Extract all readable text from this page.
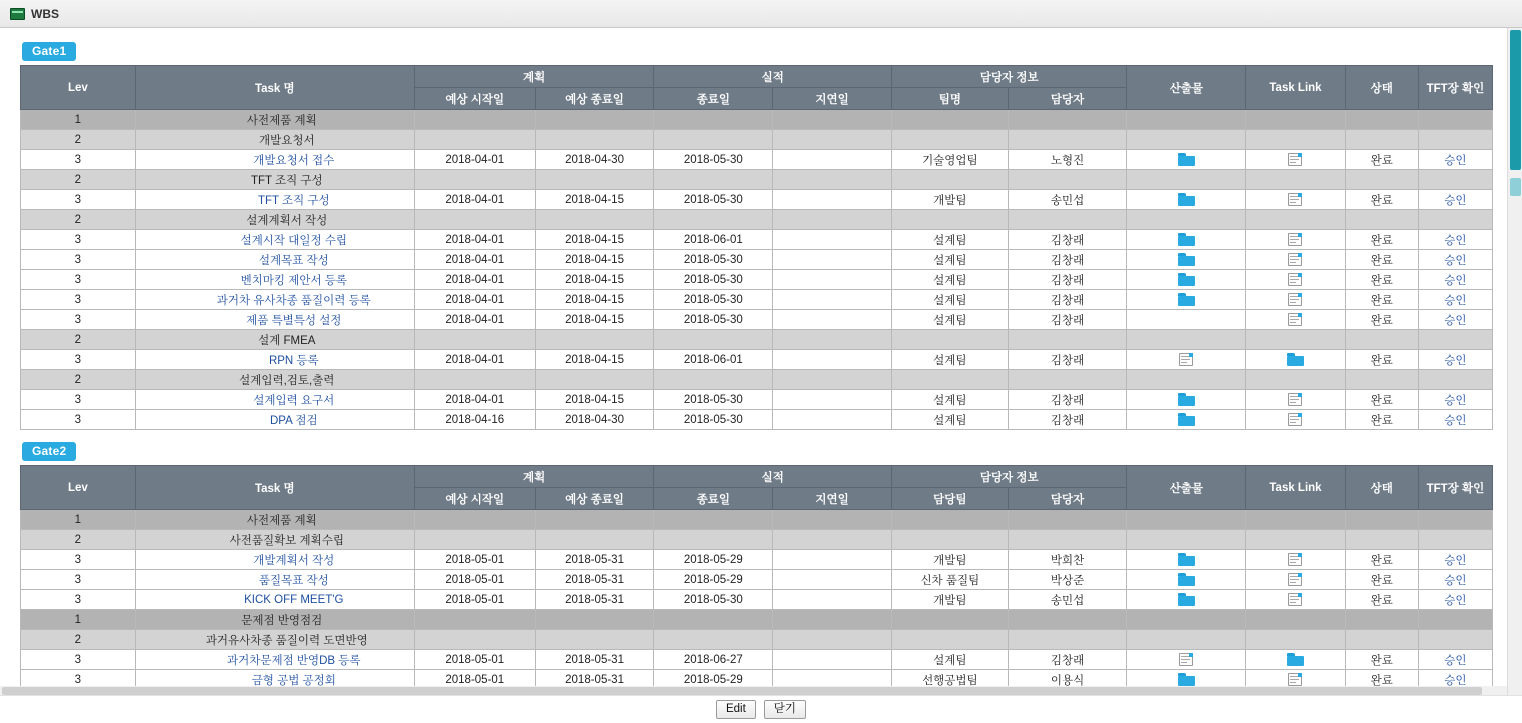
WBS
Gate1
Lev	Task 명	계획		실적		담당자 정보		산출물	Task Link	상태	TFT장 확인
		예상 시작일	예상 종료일	종료일	지연일	팀명	담당자				
1	사전제품 계획										
2	개발요청서										
3	개발요청서 접수	2018-04-01	2018-04-30	2018-05-30		기술영업팀	노형진			완료	승인
2	TFT 조직 구성										
3	TFT 조직 구성	2018-04-01	2018-04-15	2018-05-30		개발팀	송민섭			완료	승인
2	설계계획서 작성										
3	설계시작 대일정 수립	2018-04-01	2018-04-15	2018-06-01		설계팀	김창래			완료	승인
3	설계목표 작성	2018-04-01	2018-04-15	2018-05-30		설계팀	김창래			완료	승인
3	벤치마킹 제안서 등록	2018-04-01	2018-04-15	2018-05-30		설계팀	김창래			완료	승인
3	과거차 유사차종 품질이력 등록	2018-04-01	2018-04-15	2018-05-30		설계팀	김창래			완료	승인
3	제품 특별특성 설정	2018-04-01	2018-04-15	2018-05-30		설계팀	김창래			완료	승인
2	설계 FMEA										
3	RPN 등록	2018-04-01	2018-04-15	2018-06-01		설계팀	김창래			완료	승인
2	설계입력,검토,출력										
3	설계입력 요구서	2018-04-01	2018-04-15	2018-05-30		설계팀	김창래			완료	승인
3	DPA 점검	2018-04-16	2018-04-30	2018-05-30		설계팀	김창래			완료	승인
Gate2
Lev	Task 명	계획		실적		담당자 정보		산출물	Task Link	상태	TFT장 확인
		예상 시작일	예상 종료일	종료일	지연일	담당팀	담당자				
1	사전제품 계획										
2	사전품질확보 계획수립										
3	개발계획서 작성	2018-05-01	2018-05-31	2018-05-29		개발팀	박희찬			완료	승인
3	품질목표 작성	2018-05-01	2018-05-31	2018-05-29		신차 품질팀	박상준			완료	승인
3	KICK OFF MEET'G	2018-05-01	2018-05-31	2018-05-30		개발팀	송민섭			완료	승인
1	문제점 반영점검										
2	과거유사차종 품질이력 도면반영										
3	과거차문제점 반영DB 등록	2018-05-01	2018-05-31	2018-06-27		설계팀	김창래			완료	승인
3	금형 공법 공정회	2018-05-01	2018-05-31	2018-05-29		선행공법팀	이용식			완료	승인
Edit	닫기
